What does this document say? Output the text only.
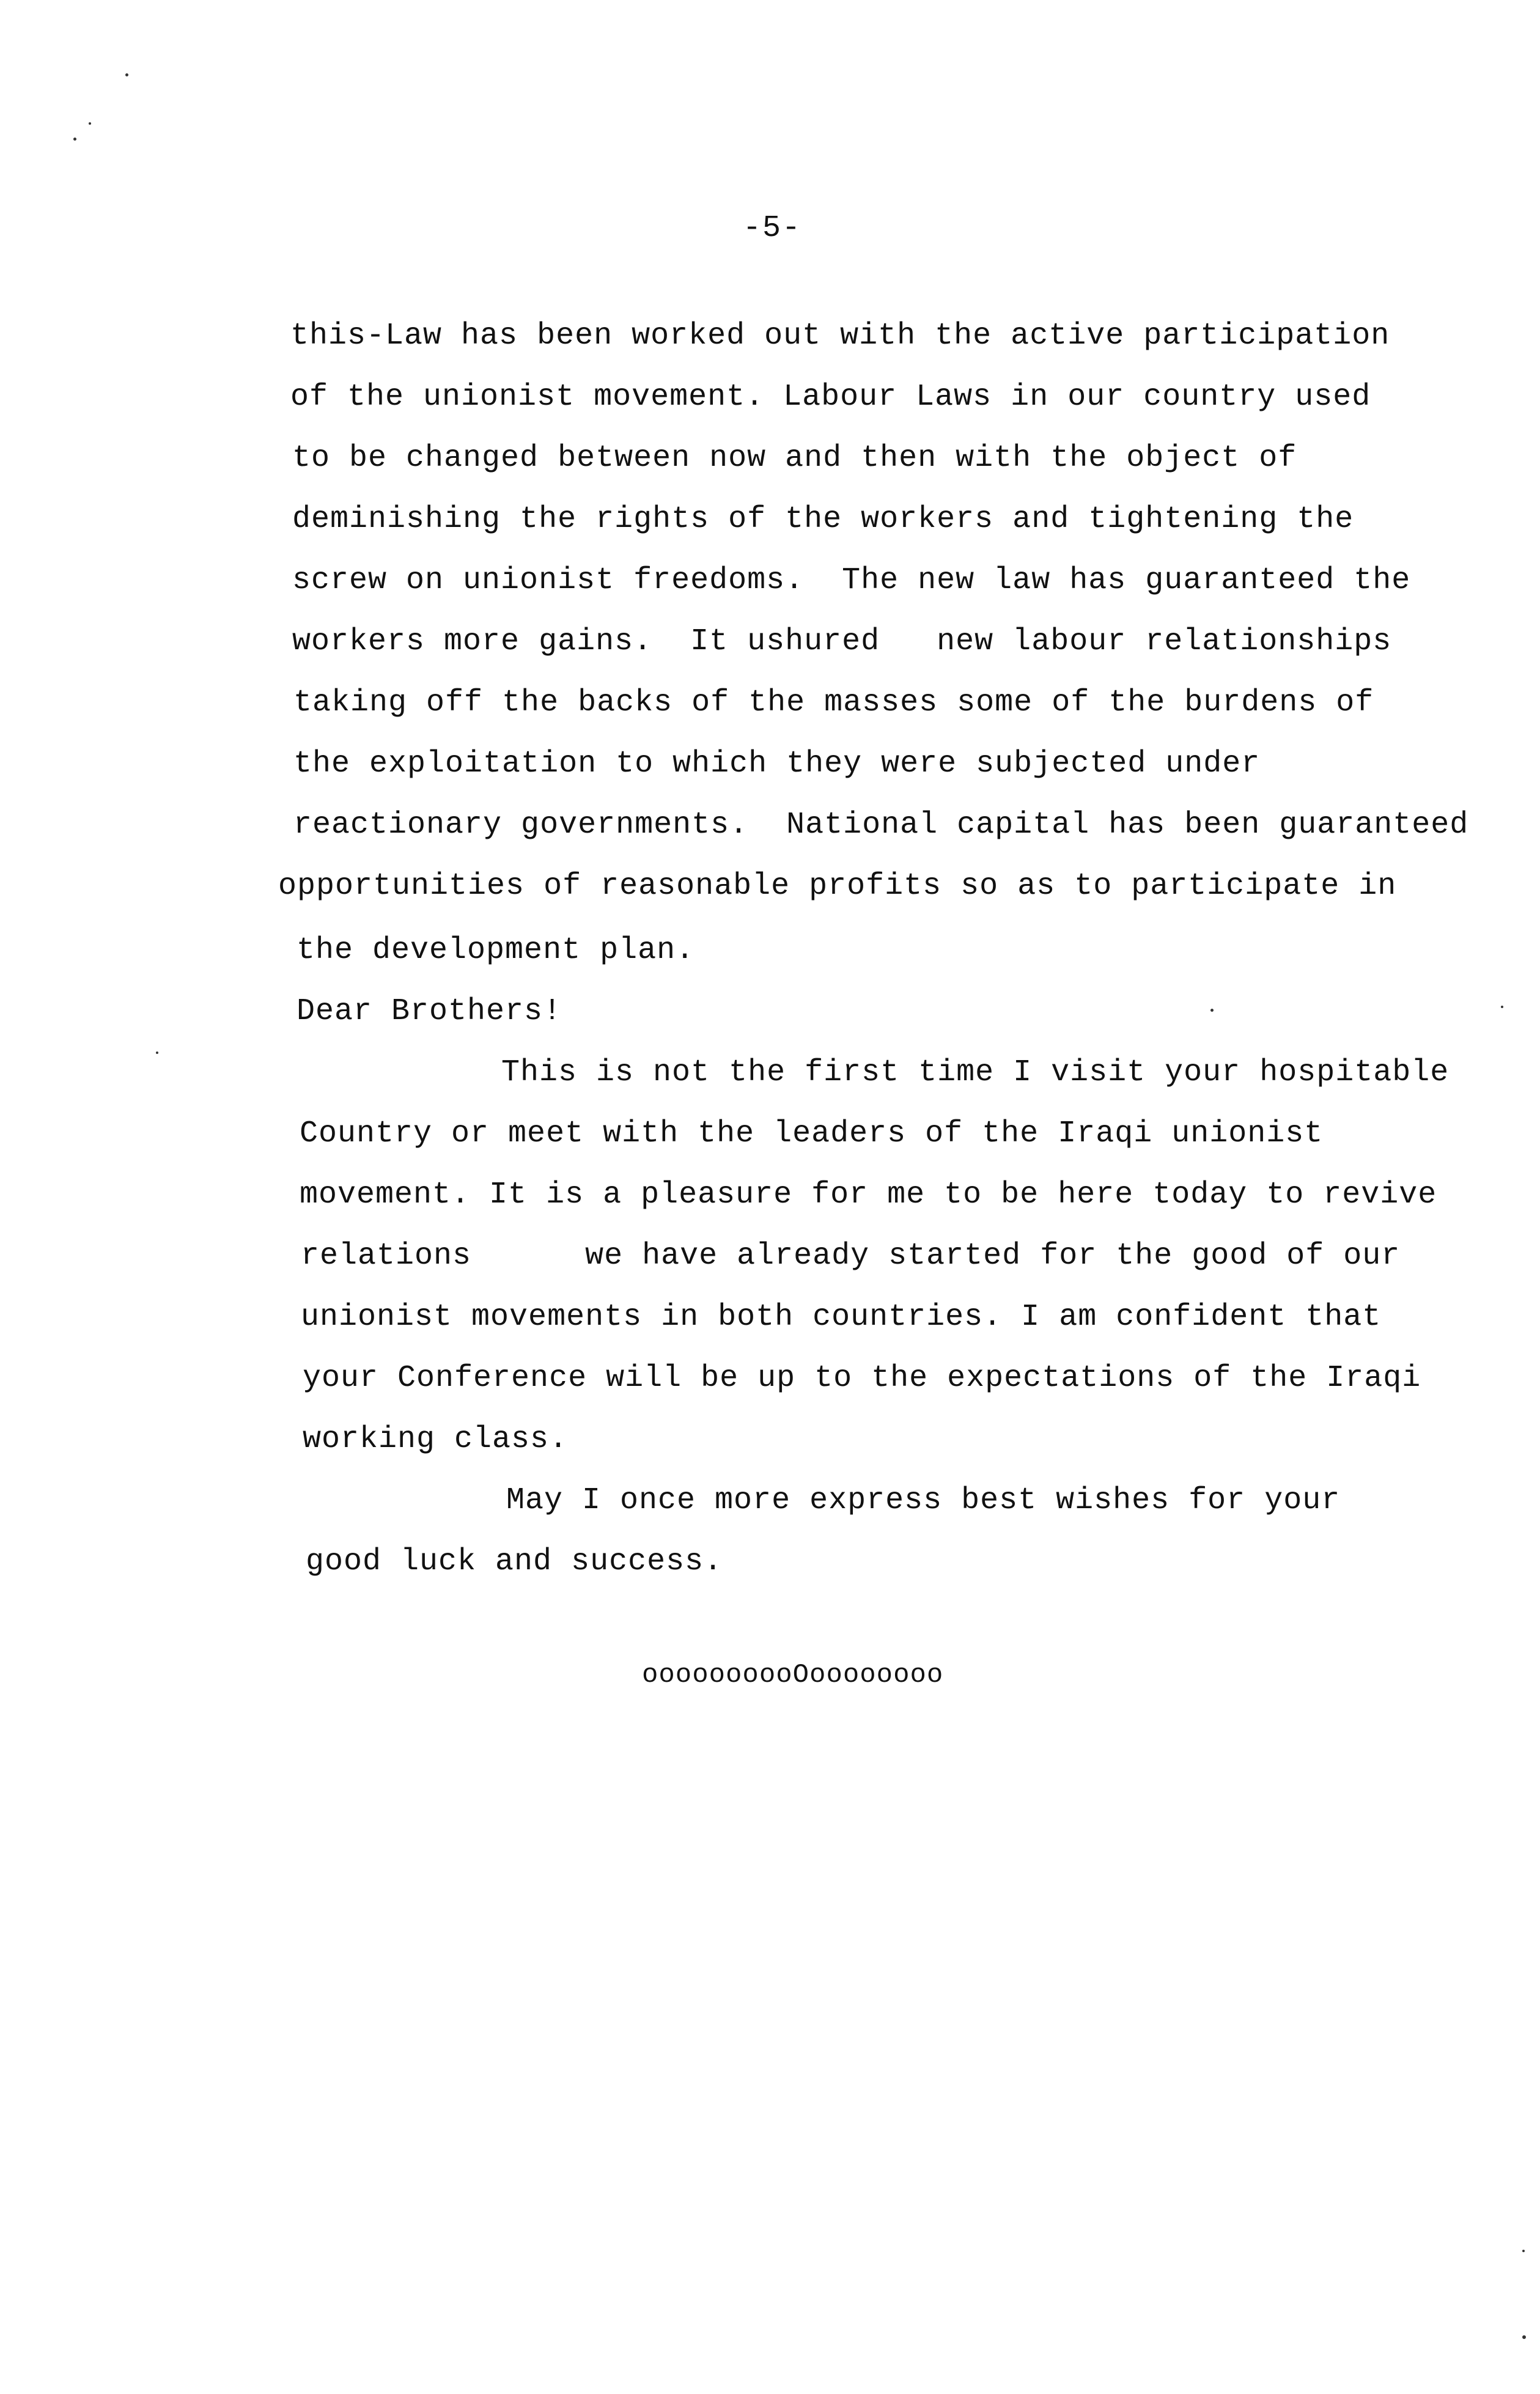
-5-
this-Law has been worked out with the active participation
of the unionist movement. Labour Laws in our country used
to be changed between now and then with the object of
deminishing the rights of the workers and tightening the
screw on unionist freedoms.  The new law has guaranteed the
workers more gains.  It ushured   new labour relationships
taking off the backs of the masses some of the burdens of
the exploitation to which they were subjected under
reactionary governments.  National capital has been guaranteed
opportunities of reasonable profits so as to participate in
the development plan.
Dear Brothers!
This is not the first time I visit your hospitable
Country or meet with the leaders of the Iraqi unionist
movement. It is a pleasure for me to be here today to revive
relations      we have already started for the good of our
unionist movements in both countries. I am confident that
your Conference will be up to the expectations of the Iraqi
working class.
May I once more express best wishes for your
good luck and success.
oooooooooOoooooooo
